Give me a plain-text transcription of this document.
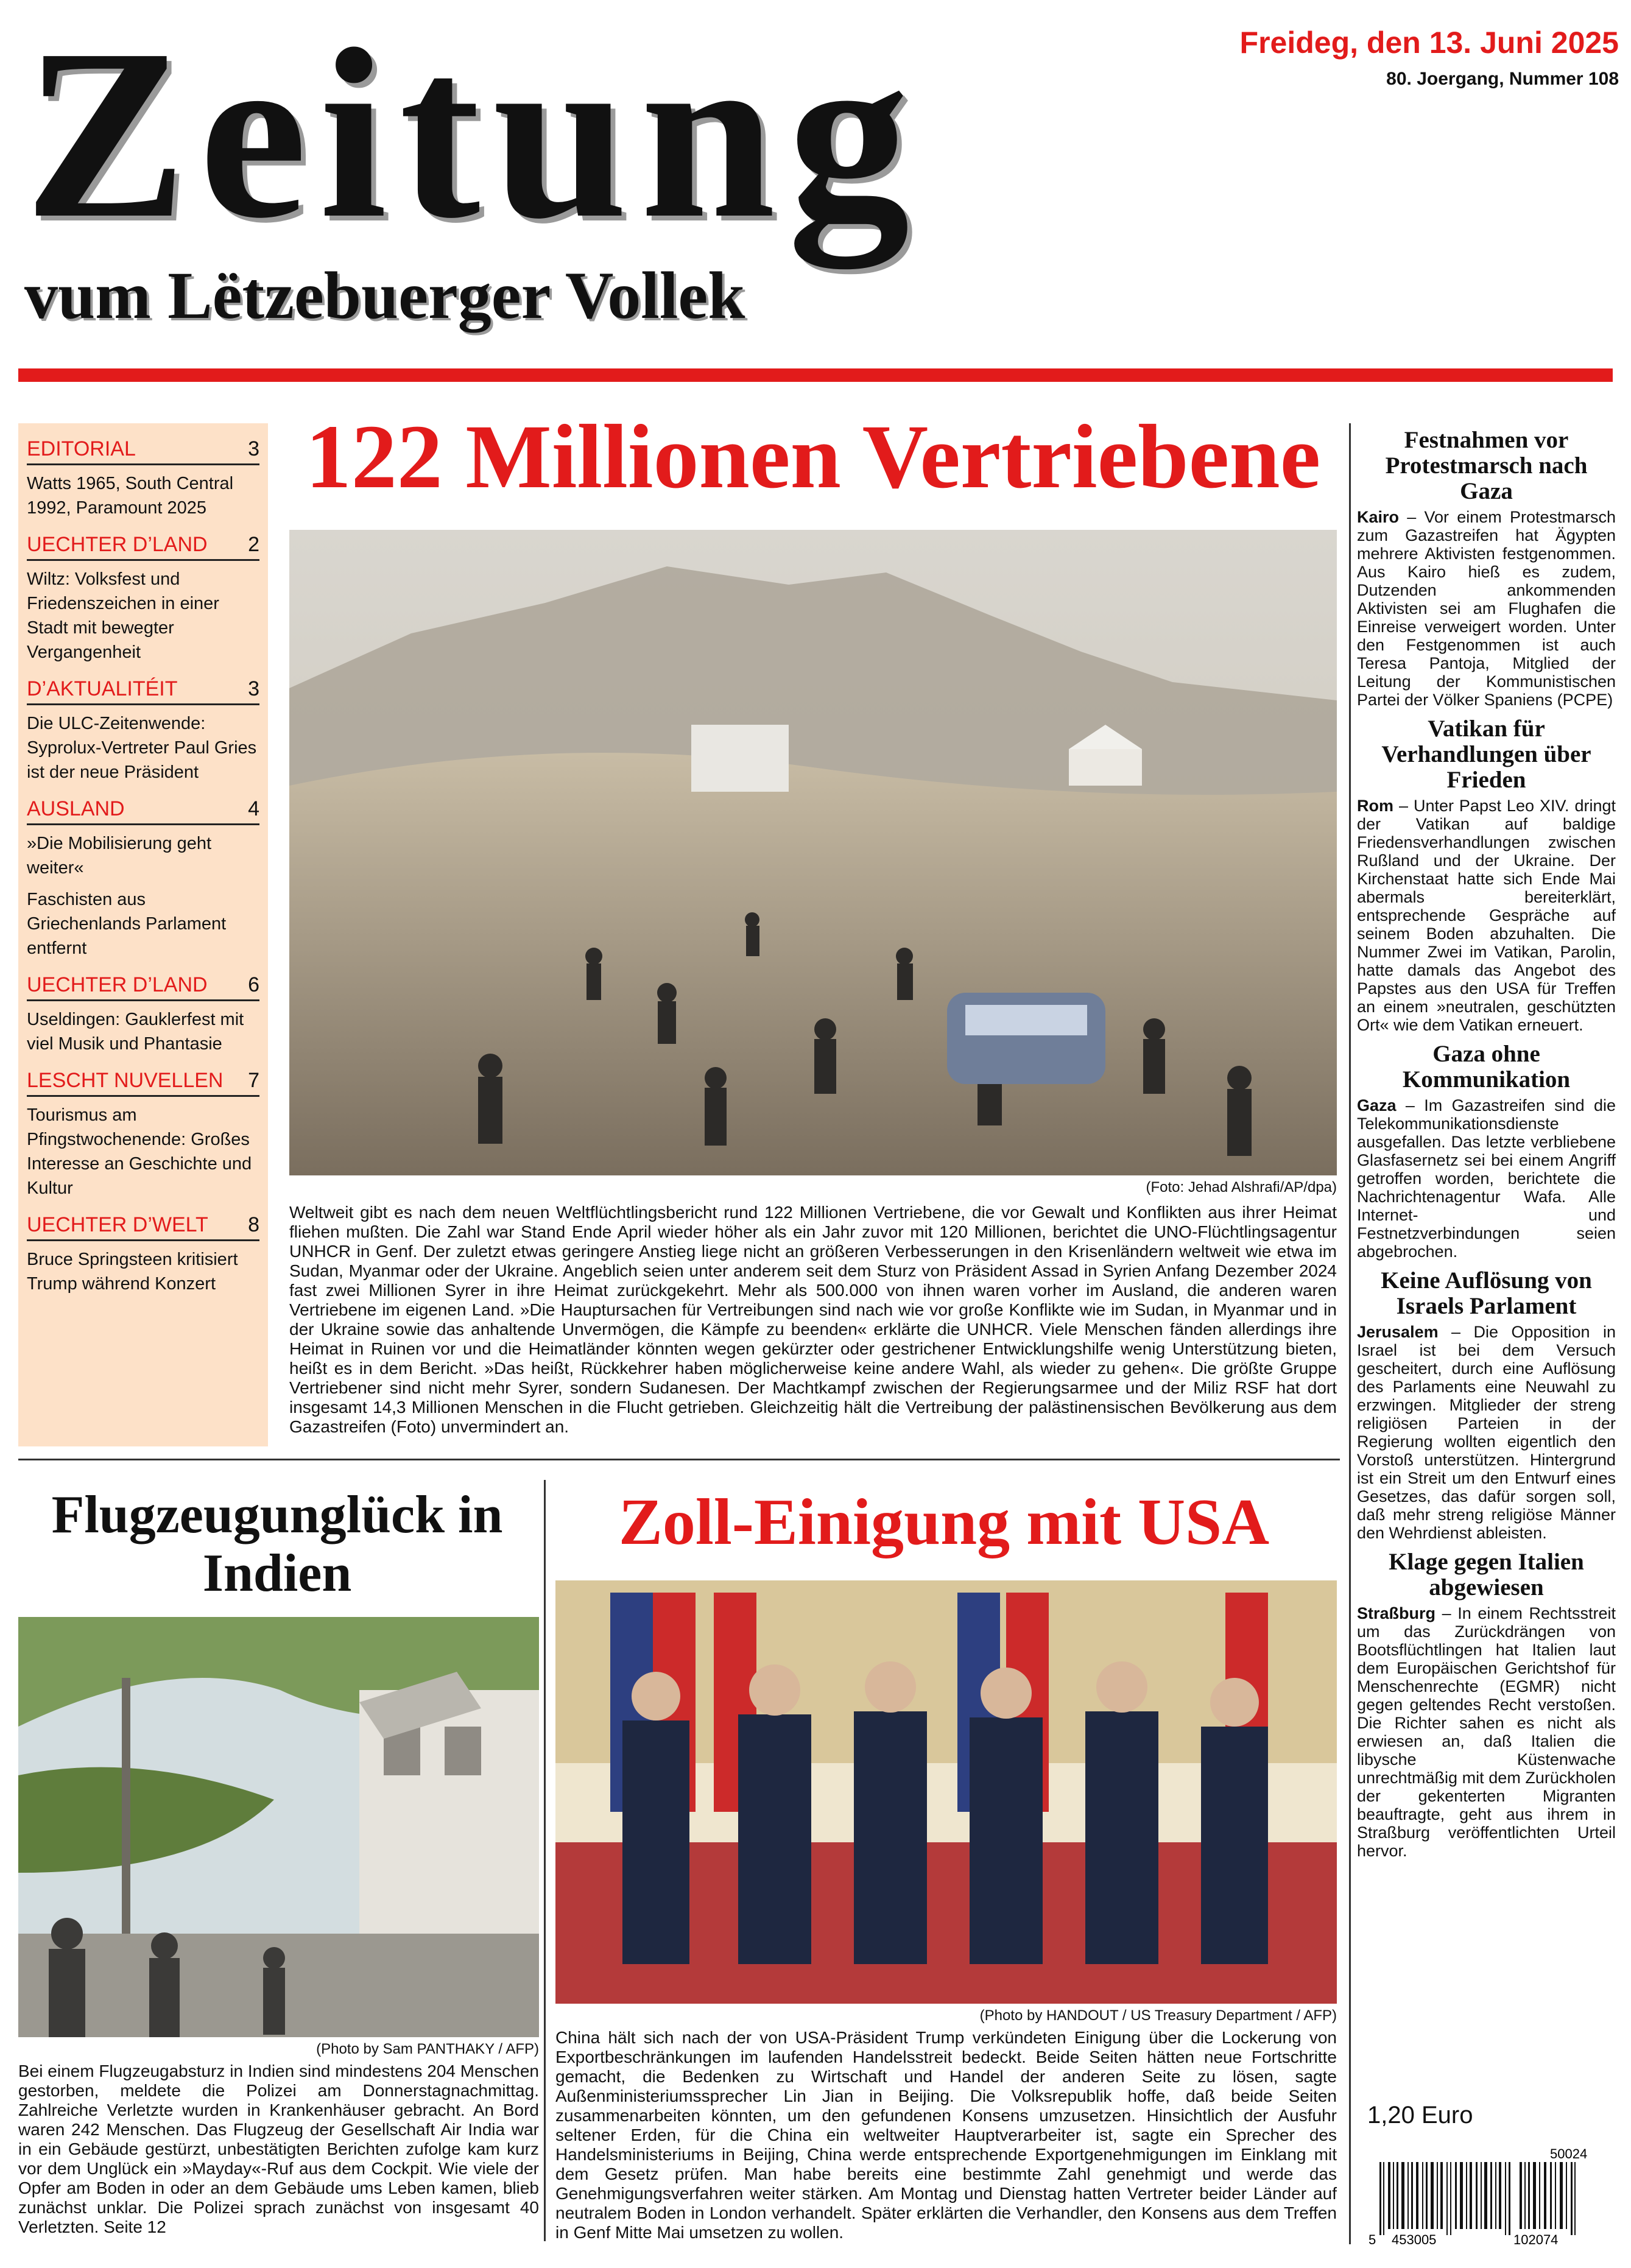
Zeitung
vum Lëtzebuerger Vollek
Freideg, den 13. Juni 2025
80. Joergang, Nummer 108
EDITORIAL	3
Watts 1965, South Central 1992, Paramount 2025
UECHTER D’LAND 2
Wiltz: Volksfest und Friedenszeichen in einer Stadt mit bewegter Vergangenheit
D’AKTUALITÉIT	3
Die ULC-Zeitenwende: Syprolux-Vertreter Paul Gries ist der neue Präsident
AUSLAND	4
»Die Mobilisierung geht weiter«
Faschisten aus Griechenlands Parlament entfernt
UECHTER D’LAND 6
Useldingen: Gauklerfest mit viel Musik und Phantasie
LESCHT NUVELLEN 7
Tourismus am Pfingstwochenende: Großes Interesse an Geschichte und Kultur
UECHTER D’WELT 8
Bruce Springsteen kritisiert Trump während Konzert
122 Millionen Vertriebene
(Foto: Jehad Alshrafi/AP/dpa)
Weltweit gibt es nach dem neuen Weltflüchtlingsbericht rund 122 Millionen Vertriebene, die vor Gewalt und Konflikten aus ihrer Heimat fliehen mußten. Die Zahl war Stand Ende April wieder höher als ein Jahr zuvor mit 120 Millionen, berichtet die UNO-Flüchtlingsagentur UNHCR in Genf. Der zuletzt etwas geringere Anstieg liege nicht an größeren Verbesserungen in den Krisenländern weltweit wie etwa im Sudan, Myanmar oder der Ukraine. Angeblich seien unter anderem seit dem Sturz von Präsident Assad in Syrien Anfang Dezember 2024 fast zwei Millionen Syrer in ihre Heimat zurückgekehrt. Mehr als 500.000 von ihnen waren vorher im Ausland, die anderen waren Vertriebene im eigenen Land. »Die Hauptursachen für Vertreibungen sind nach wie vor große Konflikte wie im Sudan, in Myanmar und in der Ukraine sowie das anhaltende Unvermögen, die Kämpfe zu beenden« erklärte die UNHCR. Viele Menschen fänden allerdings ihre Heimat in Ruinen vor und die Heimatländer könnten wegen gekürzter oder gestrichener Entwicklungshilfe wenig Unterstützung bieten, heißt es in dem Bericht. »Das heißt, Rückkehrer haben möglicherweise keine andere Wahl, als wieder zu gehen«. Die größte Gruppe Vertriebener sind nicht mehr Syrer, sondern Sudanesen. Der Machtkampf zwischen der Regierungsarmee und der Miliz RSF hat dort insgesamt 14,3 Millionen Menschen in die Flucht getrieben. Gleichzeitig hält die Vertreibung der palästinensischen Bevölkerung aus dem Gazastreifen (Foto) unvermindert an.
Festnahmen vor Protestmarsch nach Gaza
Kairo – Vor einem Protestmarsch zum Gazastreifen hat Ägypten mehrere Aktivisten festgenommen. Aus Kairo hieß es zudem, Dutzenden ankommenden Aktivisten sei am Flughafen die Einreise verweigert worden. Unter den Festgenommen ist auch Teresa Pantoja, Mitglied der Leitung der Kommunistischen Partei der Völker Spaniens (PCPE)
Vatikan für Verhandlungen über Frieden
Rom – Unter Papst Leo XIV. dringt der Vatikan auf baldige Friedensverhandlungen zwischen Rußland und der Ukraine. Der Kirchenstaat hatte sich Ende Mai abermals bereiterklärt, entsprechende Gespräche auf seinem Boden abzuhalten. Die Nummer Zwei im Vatikan, Parolin, hatte damals das Angebot des Papstes aus den USA für Treffen an einem »neutralen, geschützten Ort« wie dem Vatikan erneuert.
Gaza ohne Kommunikation
Gaza – Im Gazastreifen sind die Telekommunikationsdienste ausgefallen. Das letzte verbliebene Glasfasernetz sei bei einem Angriff getroffen worden, berichtete die Nachrichtenagentur Wafa. Alle Internet- und Festnetzverbindungen seien abgebrochen.
Keine Auflösung von Israels Parlament
Jerusalem – Die Opposition in Israel ist bei dem Versuch gescheitert, durch eine Auflösung des Parlaments eine Neuwahl zu erzwingen. Mitglieder der streng religiösen Parteien in der Regierung wollten eigentlich den Vorstoß unterstützen. Hintergrund ist ein Streit um den Entwurf eines Gesetzes, das dafür sorgen soll, daß mehr streng religiöse Männer den Wehrdienst ableisten.
Klage gegen Italien abgewiesen
Straßburg – In einem Rechtsstreit um das Zurückdrängen von Bootsflüchtlingen hat Italien laut dem Europäischen Gerichtshof für Menschenrechte (EGMR) nicht gegen geltendes Recht verstoßen. Die Richter sahen es nicht als erwiesen an, daß Italien die libysche Küstenwache unrechtmäßig mit dem Zurückholen der gekenterten Migranten beauftragte, geht aus ihrem in Straßburg veröffentlichten Urteil hervor.
Flugzeugunglück in Indien
(Photo by Sam PANTHAKY / AFP)
Bei einem Flugzeugabsturz in Indien sind mindestens 204 Menschen gestorben, meldete die Polizei am Donnerstagnachmittag. Zahlreiche Verletzte wurden in Krankenhäuser gebracht. An Bord waren 242 Menschen. Das Flugzeug der Gesellschaft Air India war in ein Gebäude gestürzt, unbestätigten Berichten zufolge kam kurz vor dem Unglück ein »Mayday«-Ruf aus dem Cockpit. Wie viele der Opfer am Boden in oder an dem Gebäude ums Leben kamen, blieb zunächst unklar. Die Polizei sprach zunächst von insgesamt 40 Verletzten. Seite 12
Zoll-Einigung mit USA
(Photo by HANDOUT / US Treasury Department / AFP)
China hält sich nach der von USA-Präsident Trump verkündeten Einigung über die Lockerung von Exportbeschränkungen im laufenden Handelsstreit bedeckt. Beide Seiten hätten neue Fortschritte gemacht, die Bedenken zu Wirtschaft und Handel der anderen Seite zu lösen, sagte Außenministeriumssprecher Lin Jian in Beijing. Die Volksrepublik hoffe, daß beide Seiten zusammenarbeiten könnten, um den gefundenen Konsens umzusetzen. Hinsichtlich der Ausfuhr seltener Erden, für die China ein weltweiter Hauptverarbeiter ist, sagte ein Sprecher des Handelsministeriums in Beijing, China werde entsprechende Exportgenehmigungen im Einklang mit dem Gesetz prüfen. Man habe bereits eine bestimmte Zahl genehmigt und werde das Genehmigungsverfahren weiter stärken. Am Montag und Dienstag hatten Vertreter beider Länder auf neutralem Boden in London verhandelt. Später erklärten die Verhandler, den Konsens aus dem Treffen in Genf Mitte Mai umsetzen zu wollen.
1,20 Euro
50024
5 453005	102074
